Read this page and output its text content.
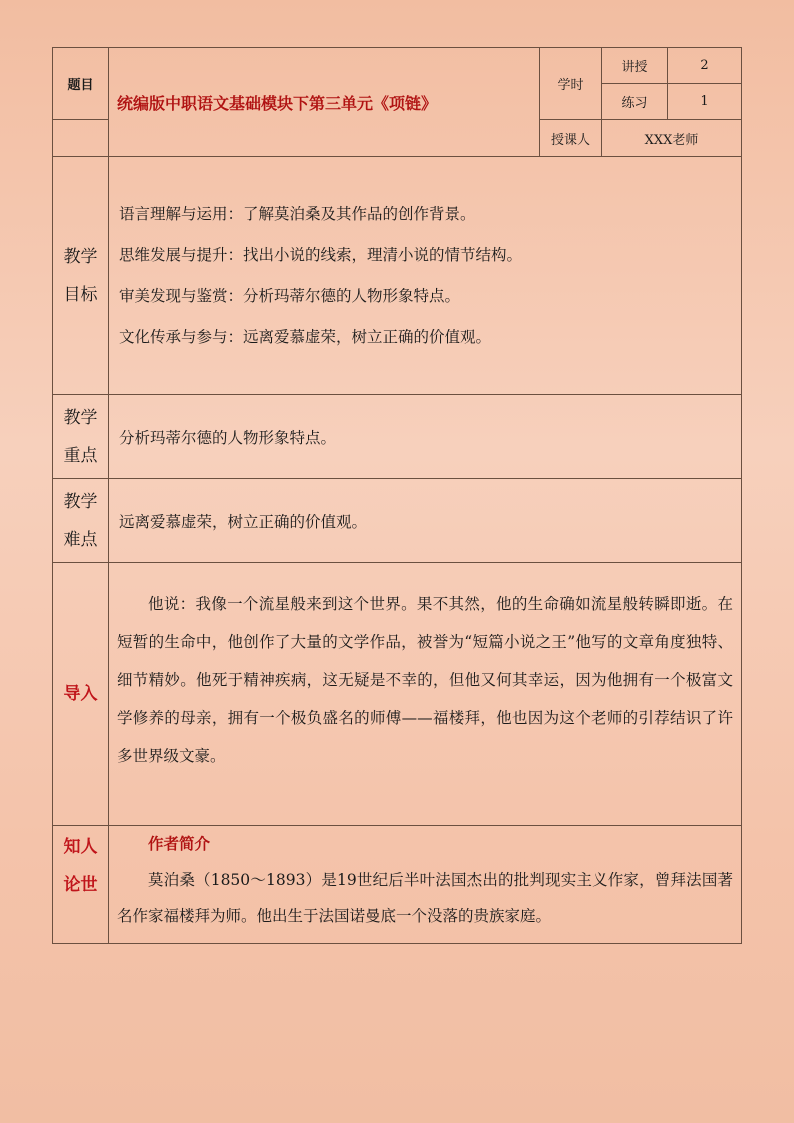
题目	统编版中职语文基础模块下第三单元《项链》	学时	讲授	2
			练习	1
		授课人	XXX老师	

教学目标	语言理解与运用：了解莫泊桑及其作品的创作背景。
思维发展与提升：找出小说的线索，理清小说的情节结构。
审美发现与鉴赏：分析玛蒂尔德的人物形象特点。
文化传承与参与：远离爱慕虚荣，树立正确的价值观。			

教学重点	分析玛蒂尔德的人物形象特点。			

教学难点	远离爱慕虚荣，树立正确的价值观。			
导入	他说：我像一个流星般来到这个世界。果不其然，他的生命确如流星般转瞬即逝。在短暂的生命中，他创作了大量的文学作品，被誉为“短篇小说之王”他写的文章角度独特、细节精妙。他死于精神疾病，这无疑是不幸的，但他又何其幸运，因为他拥有一个极富文学修养的母亲，拥有一个极负盛名的师傅——福楼拜，他也因为这个老师的引荐结识了许多世界级文豪。			

知人论世	作者简介
莫泊桑（1850～1893）是19世纪后半叶法国杰出的批判现实主义作家，曾拜法国著名作家福楼拜为师。他出生于法国诺曼底一个没落的贵族家庭。			
